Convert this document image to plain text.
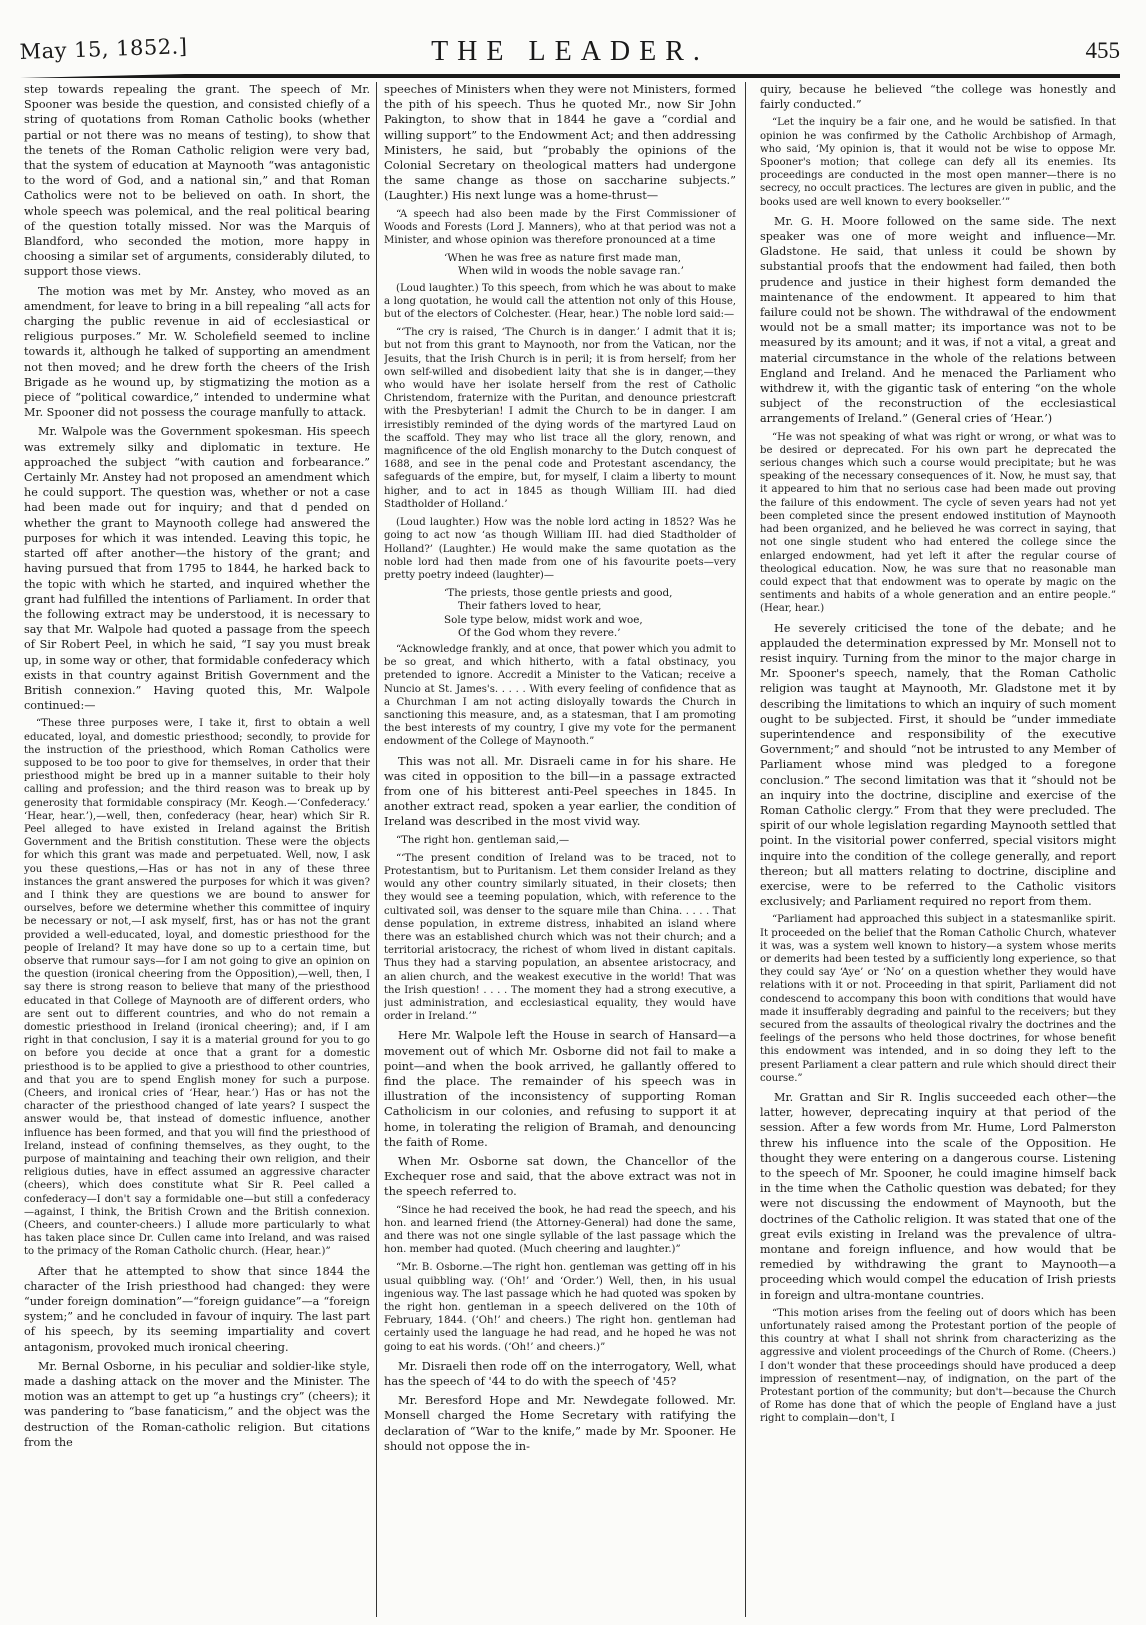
May 15, 1852.]	THE LEADER.	455

step towards repealing the grant. The speech of Mr. Spooner was beside the question, and consisted chiefly of a string of quotations from Roman Catholic books (whether partial or not there was no means of testing), to show that the tenets of the Roman Catholic religion were very bad, that the system of education at Maynooth “was antagonistic to the word of God, and a national sin,” and that Roman Catholics were not to be believed on oath. In short, the whole speech was polemical, and the real political bearing of the question totally missed. Nor was the Marquis of Blandford, who seconded the motion, more happy in choosing a similar set of arguments, considerably diluted, to support those views.

The motion was met by Mr. Anstey, who moved as an amendment, for leave to bring in a bill repealing “all acts for charging the public revenue in aid of ecclesiastical or religious purposes.” Mr. W. Scholefield seemed to incline towards it, although he talked of supporting an amendment not then moved; and he drew forth the cheers of the Irish Brigade as he wound up, by stigmatizing the motion as a piece of “political cowardice,” intended to undermine what Mr. Spooner did not possess the courage manfully to attack.

Mr. Walpole was the Government spokesman. His speech was extremely silky and diplomatic in texture. He approached the subject “with caution and forbearance.” Certainly Mr. Anstey had not proposed an amendment which he could support. The question was, whether or not a case had been made out for inquiry; and that d pended on whether the grant to Maynooth college had answered the purposes for which it was intended. Leaving this topic, he started off after another—the history of the grant; and having pursued that from 1795 to 1844, he harked back to the topic with which he started, and inquired whether the grant had fulfilled the intentions of Parliament. In order that the following extract may be understood, it is necessary to say that Mr. Walpole had quoted a passage from the speech of Sir Robert Peel, in which he said, “I say you must break up, in some way or other, that formidable confederacy which exists in that country against British Government and the British connexion.” Having quoted this, Mr. Walpole continued:—

“These three purposes were, I take it, first to obtain a well educated, loyal, and domestic priesthood; secondly, to provide for the instruction of the priesthood, which Roman Catholics were supposed to be too poor to give for themselves, in order that their priesthood might be bred up in a manner suitable to their holy calling and profession; and the third reason was to break up by generosity that formidable conspiracy (Mr. Keogh.—‘Confederacy.’ ‘Hear, hear.’),—well, then, confederacy (hear, hear) which Sir R. Peel alleged to have existed in Ireland against the British Government and the British constitution. These were the objects for which this grant was made and perpetuated. Well, now, I ask you these questions,—Has or has not in any of these three instances the grant answered the purposes for which it was given? and I think they are questions we are bound to answer for ourselves, before we determine whether this committee of inquiry be necessary or not,—I ask myself, first, has or has not the grant provided a well-educated, loyal, and domestic priesthood for the people of Ireland? It may have done so up to a certain time, but observe that rumour says—for I am not going to give an opinion on the question (ironical cheering from the Opposition),—well, then, I say there is strong reason to believe that many of the priesthood educated in that College of Maynooth are of different orders, who are sent out to different countries, and who do not remain a domestic priesthood in Ireland (ironical cheering); and, if I am right in that conclusion, I say it is a material ground for you to go on before you decide at once that a grant for a domestic priesthood is to be applied to give a priesthood to other countries, and that you are to spend English money for such a purpose. (Cheers, and ironical cries of ‘Hear, hear.’) Has or has not the character of the priesthood changed of late years? I suspect the answer would be, that instead of domestic influence, another influence has been formed, and that you will find the priesthood of Ireland, instead of confining themselves, as they ought, to the purpose of maintaining and teaching their own religion, and their religious duties, have in effect assumed an aggressive character (cheers), which does constitute what Sir R. Peel called a confederacy—I don't say a formidable one—but still a confederacy—against, I think, the British Crown and the British connexion. (Cheers, and counter-cheers.) I allude more particularly to what has taken place since Dr. Cullen came into Ireland, and was raised to the primacy of the Roman Catholic church. (Hear, hear.)”

After that he attempted to show that since 1844 the character of the Irish priesthood had changed: they were “under foreign domination”—“foreign guidance”—a “foreign system;” and he concluded in favour of inquiry. The last part of his speech, by its seeming impartiality and covert antagonism, provoked much ironical cheering.

Mr. Bernal Osborne, in his peculiar and soldier-like style, made a dashing attack on the mover and the Minister. The motion was an attempt to get up “a hustings cry” (cheers); it was pandering to “base fanaticism,” and the object was the destruction of the Roman-catholic religion. But citations from the

speeches of Ministers when they were not Ministers, formed the pith of his speech. Thus he quoted Mr., now Sir John Pakington, to show that in 1844 he gave a “cordial and willing support” to the Endowment Act; and then addressing Ministers, he said, but “probably the opinions of the Colonial Secretary on theological matters had undergone the same change as those on saccharine subjects.” (Laughter.) His next lunge was a home-thrust—

“A speech had also been made by the First Commissioner of Woods and Forests (Lord J. Manners), who at that period was not a Minister, and whose opinion was therefore pronounced at a time

‘When he was free as nature first made man,
When wild in woods the noble savage ran.’

(Loud laughter.) To this speech, from which he was about to make a long quotation, he would call the attention not only of this House, but of the electors of Colchester. (Hear, hear.) The noble lord said:—

“‘The cry is raised, ‘The Church is in danger.’ I admit that it is; but not from this grant to Maynooth, nor from the Vatican, nor the Jesuits, that the Irish Church is in peril; it is from herself; from her own self-willed and disobedient laity that she is in danger,—they who would have her isolate herself from the rest of Catholic Christendom, fraternize with the Puritan, and denounce priestcraft with the Presbyterian! I admit the Church to be in danger. I am irresistibly reminded of the dying words of the martyred Laud on the scaffold. They may who list trace all the glory, renown, and magnificence of the old English monarchy to the Dutch conquest of 1688, and see in the penal code and Protestant ascendancy, the safeguards of the empire, but, for myself, I claim a liberty to mount higher, and to act in 1845 as though William III. had died Stadtholder of Holland.’

(Loud laughter.) How was the noble lord acting in 1852? Was he going to act now ‘as though William III. had died Stadtholder of Holland?’ (Laughter.) He would make the same quotation as the noble lord had then made from one of his favourite poets—very pretty poetry indeed (laughter)—

‘The priests, those gentle priests and good,
Their fathers loved to hear,
Sole type below, midst work and woe,
Of the God whom they revere.’

“Acknowledge frankly, and at once, that power which you admit to be so great, and which hitherto, with a fatal obstinacy, you pretended to ignore. Accredit a Minister to the Vatican; receive a Nuncio at St. James's. . . . . With every feeling of confidence that as a Churchman I am not acting disloyally towards the Church in sanctioning this measure, and, as a statesman, that I am promoting the best interests of my country, I give my vote for the permanent endowment of the College of Maynooth.”

This was not all. Mr. Disraeli came in for his share. He was cited in opposition to the bill—in a passage extracted from one of his bitterest anti-Peel speeches in 1845. In another extract read, spoken a year earlier, the condition of Ireland was described in the most vivid way.

“The right hon. gentleman said,—

“‘The present condition of Ireland was to be traced, not to Protestantism, but to Puritanism. Let them consider Ireland as they would any other country similarly situated, in their closets; then they would see a teeming population, which, with reference to the cultivated soil, was denser to the square mile than China. . . . . That dense population, in extreme distress, inhabited an island where there was an established church which was not their church; and a territorial aristocracy, the richest of whom lived in distant capitals. Thus they had a starving population, an absentee aristocracy, and an alien church, and the weakest executive in the world! That was the Irish question! . . . . The moment they had a strong executive, a just administration, and ecclesiastical equality, they would have order in Ireland.’”

Here Mr. Walpole left the House in search of Hansard—a movement out of which Mr. Osborne did not fail to make a point—and when the book arrived, he gallantly offered to find the place. The remainder of his speech was in illustration of the inconsistency of supporting Roman Catholicism in our colonies, and refusing to support it at home, in tolerating the religion of Bramah, and denouncing the faith of Rome.

When Mr. Osborne sat down, the Chancellor of the Exchequer rose and said, that the above extract was not in the speech referred to.

“Since he had received the book, he had read the speech, and his hon. and learned friend (the Attorney-General) had done the same, and there was not one single syllable of the last passage which the hon. member had quoted. (Much cheering and laughter.)”

“Mr. B. Osborne.—The right hon. gentleman was getting off in his usual quibbling way. (‘Oh!’ and ‘Order.’) Well, then, in his usual ingenious way. The last passage which he had quoted was spoken by the right hon. gentleman in a speech delivered on the 10th of February, 1844. (‘Oh!’ and cheers.) The right hon. gentleman had certainly used the language he had read, and he hoped he was not going to eat his words. (‘Oh!’ and cheers.)”

Mr. Disraeli then rode off on the interrogatory, Well, what has the speech of '44 to do with the speech of '45?

Mr. Beresford Hope and Mr. Newdegate followed. Mr. Monsell charged the Home Secretary with ratifying the declaration of “War to the knife,” made by Mr. Spooner. He should not oppose the in-

quiry, because he believed “the college was honestly and fairly conducted.”

“Let the inquiry be a fair one, and he would be satisfied. In that opinion he was confirmed by the Catholic Archbishop of Armagh, who said, ‘My opinion is, that it would not be wise to oppose Mr. Spooner's motion; that college can defy all its enemies. Its proceedings are conducted in the most open manner—there is no secrecy, no occult practices. The lectures are given in public, and the books used are well known to every bookseller.’”

Mr. G. H. Moore followed on the same side. The next speaker was one of more weight and influence—Mr. Gladstone. He said, that unless it could be shown by substantial proofs that the endowment had failed, then both prudence and justice in their highest form demanded the maintenance of the endowment. It appeared to him that failure could not be shown. The withdrawal of the endowment would not be a small matter; its importance was not to be measured by its amount; and it was, if not a vital, a great and material circumstance in the whole of the relations between England and Ireland. And he menaced the Parliament who withdrew it, with the gigantic task of entering “on the whole subject of the reconstruction of the ecclesiastical arrangements of Ireland.” (General cries of ‘Hear.’)

“He was not speaking of what was right or wrong, or what was to be desired or deprecated. For his own part he deprecated the serious changes which such a course would precipitate; but he was speaking of the necessary consequences of it. Now, he must say, that it appeared to him that no serious case had been made out proving the failure of this endowment. The cycle of seven years had not yet been completed since the present endowed institution of Maynooth had been organized, and he believed he was correct in saying, that not one single student who had entered the college since the enlarged endowment, had yet left it after the regular course of theological education. Now, he was sure that no reasonable man could expect that that endowment was to operate by magic on the sentiments and habits of a whole generation and an entire people.” (Hear, hear.)

He severely criticised the tone of the debate; and he applauded the determination expressed by Mr. Monsell not to resist inquiry. Turning from the minor to the major charge in Mr. Spooner's speech, namely, that the Roman Catholic religion was taught at Maynooth, Mr. Gladstone met it by describing the limitations to which an inquiry of such moment ought to be subjected. First, it should be “under immediate superintendence and responsibility of the executive Government;” and should “not be intrusted to any Member of Parliament whose mind was pledged to a foregone conclusion.” The second limitation was that it “should not be an inquiry into the doctrine, discipline and exercise of the Roman Catholic clergy.” From that they were precluded. The spirit of our whole legislation regarding Maynooth settled that point. In the visitorial power conferred, special visitors might inquire into the condition of the college generally, and report thereon; but all matters relating to doctrine, discipline and exercise, were to be referred to the Catholic visitors exclusively; and Parliament required no report from them.

“Parliament had approached this subject in a statesmanlike spirit. It proceeded on the belief that the Roman Catholic Church, whatever it was, was a system well known to history—a system whose merits or demerits had been tested by a sufficiently long experience, so that they could say ‘Aye’ or ‘No’ on a question whether they would have relations with it or not. Proceeding in that spirit, Parliament did not condescend to accompany this boon with conditions that would have made it insufferably degrading and painful to the receivers; but they secured from the assaults of theological rivalry the doctrines and the feelings of the persons who held those doctrines, for whose benefit this endowment was intended, and in so doing they left to the present Parliament a clear pattern and rule which should direct their course.”

Mr. Grattan and Sir R. Inglis succeeded each other—the latter, however, deprecating inquiry at that period of the session. After a few words from Mr. Hume, Lord Palmerston threw his influence into the scale of the Opposition. He thought they were entering on a dangerous course. Listening to the speech of Mr. Spooner, he could imagine himself back in the time when the Catholic question was debated; for they were not discussing the endowment of Maynooth, but the doctrines of the Catholic religion. It was stated that one of the great evils existing in Ireland was the prevalence of ultra-montane and foreign influence, and how would that be remedied by withdrawing the grant to Maynooth—a proceeding which would compel the education of Irish priests in foreign and ultra-montane countries.

“This motion arises from the feeling out of doors which has been unfortunately raised among the Protestant portion of the people of this country at what I shall not shrink from characterizing as the aggressive and violent proceedings of the Church of Rome. (Cheers.) I don't wonder that these proceedings should have produced a deep impression of resentment—nay, of indignation, on the part of the Protestant portion of the community; but don't—because the Church of Rome has done that of which the people of England have a just right to complain—don't, I
